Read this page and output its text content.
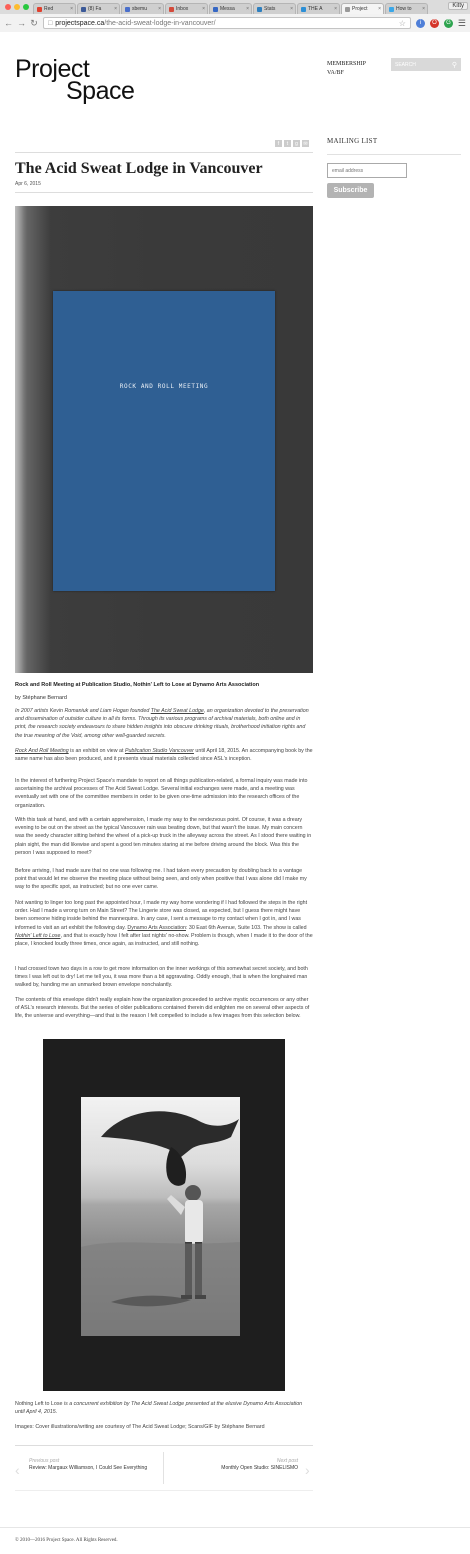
Red	×	(8) Fa	×	sbemu ×	Inbox	×	Messa ×	Stats	×	THE A ×	Project ×	How to ×	Kitty
← → ↻ □ projectspace.ca/the-acid-sweat-lodge-in-vancouver/	☆	i	O	G ☰
Project
Space
MEMBERSHIP
VA/BF
SEARCH	⚲
f	t	g	✉
The Acid Sweat Lodge in Vancouver
Apr 6, 2015
MAILING LIST
email address
Subscribe
ROCK AND ROLL MEETING
Rock and Roll Meeting at Publication Studio, Nothin' Left to Lose at Dynamo Arts Association
by Stéphane Bernard

In 2007 artists Kevin Romaniuk and Liam Hogan founded The Acid Sweat Lodge, an organization devoted to the preservation and dissemination of outsider culture in all its forms. Through its various programs of archival materials, both online and in print, the research society endeavours to share hidden insights into obscure drinking rituals, brotherhood initiation rights and the true meaning of the Void, among other well-guarded secrets.

Rock And Roll Meeting is an exhibit on view at Publication Studio Vancouver until April 18, 2015. An accompanying book by the same name has also been produced, and it presents visual materials collected since ASL's inception.

In the interest of furthering Project Space's mandate to report on all things publication-related, a formal inquiry was made into ascertaining the archival processes of The Acid Sweat Lodge. Several initial exchanges were made, and a meeting was eventually set with one of the committee members in order to be given one-time admission into the research offices of the organization.

With this task at hand, and with a certain apprehension, I made my way to the rendezvous point. Of course, it was a dreary evening to be out on the street as the typical Vancouver rain was beating down, but that wasn't the issue. My main concern was the seedy character sitting behind the wheel of a pick-up truck in the alleyway across the street. As I stood there waiting in plain sight, the man did likewise and spent a good ten minutes staring at me before driving around the block. Was this the person I was supposed to meet?

Before arriving, I had made sure that no one was following me. I had taken every precaution by doubling back to a vantage point that would let me observe the meeting place without being seen, and only when positive that I was alone did I make my way to the specific spot, as instructed; but no one ever came.

Not wanting to linger too long past the appointed hour, I made my way home wondering if I had followed the steps in the right order. Had I made a wrong turn on Main Street? The Lingerie store was closed, as expected, but I guess there might have been someone hiding inside behind the mannequins. In any case, I sent a message to my contact when I got in, and I was informed to visit an art exhibit the following day. Dynamo Arts Association: 30 East 6th Avenue, Suite 103. The show is called Nothin' Left to Lose, and that is exactly how I felt after last nights' no-show. Problem is though, when I made it to the door of the place, I knocked loudly three times, once again, as instructed, and still nothing.

I had crossed town two days in a row to get more information on the inner workings of this somewhat secret society, and both times I was left out to dry! Let me tell you, it was more than a bit aggravating. Oddly enough, that is when the longhaired man walked by, handing me an unmarked brown envelope nonchalantly.

The contents of this envelope didn't really explain how the organization proceeded to archive mystic occurrences or any other of ASL's research interests. But the series of older publications contained therein did enlighten me on several other aspects of life, the universe and everything—and that is the reason I felt compelled to include a few images from this selection below.

Nothing Left to Lose is a concurrent exhibition by The Acid Sweat Lodge presented at the elusive Dynamo Arts Association until April 4, 2015.

Images: Cover illustrations/writing are courtesy of The Acid Sweat Lodge; Scans/GIF by Stéphane Bernard

‹
Previous post
Review: Margaux Williamson, I Could See Everything
Next post
Monthly Open Studio: SINELISMO ›
© 2010—2016 Project Space. All Rights Reserved.
